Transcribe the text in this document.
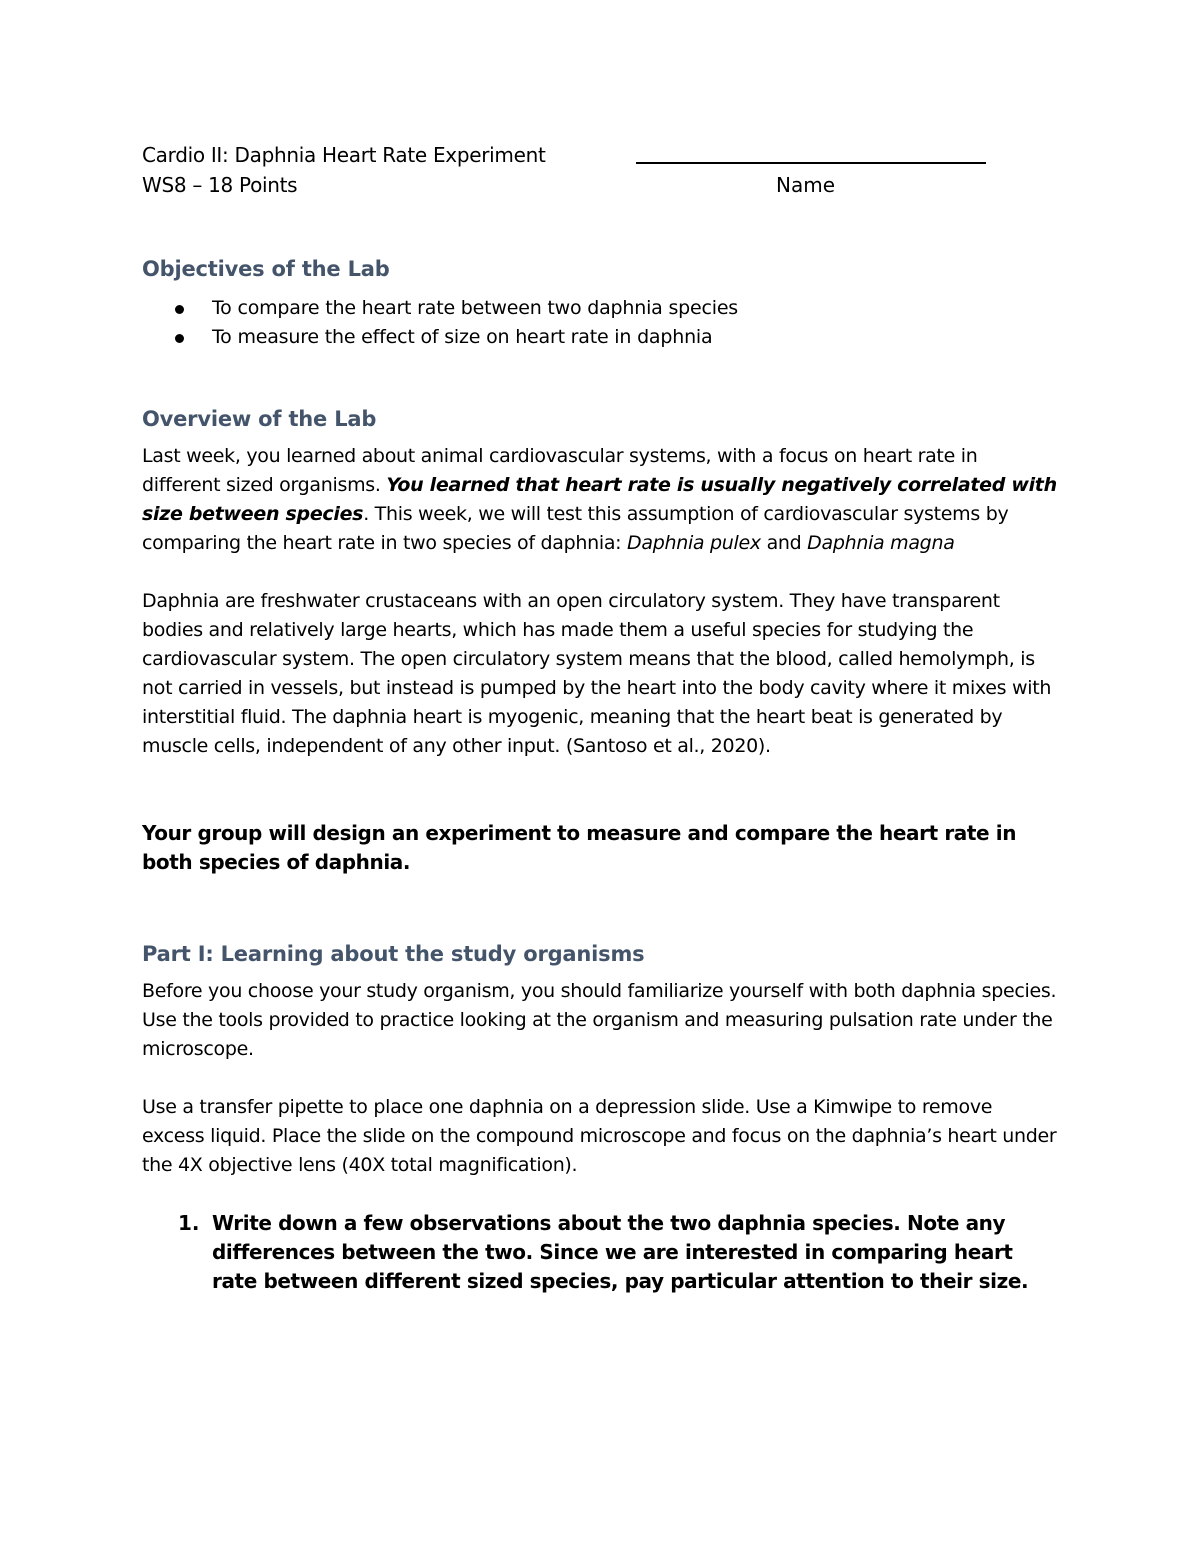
Cardio II: Daphnia Heart Rate Experiment
WS8 – 18 Points	Name
Objectives of the Lab
To compare the heart rate between two daphnia species
To measure the effect of size on heart rate in daphnia
Overview of the Lab

Last week, you learned about animal cardiovascular systems, with a focus on heart rate in different sized organisms. You learned that heart rate is usually negatively correlated with size between species. This week, we will test this assumption of cardiovascular systems by comparing the heart rate in two species of daphnia: Daphnia pulex and Daphnia magna

Daphnia are freshwater crustaceans with an open circulatory system. They have transparent bodies and relatively large hearts, which has made them a useful species for studying the cardiovascular system. The open circulatory system means that the blood, called hemolymph, is not carried in vessels, but instead is pumped by the heart into the body cavity where it mixes with interstitial fluid. The daphnia heart is myogenic, meaning that the heart beat is generated by muscle cells, independent of any other input. (Santoso et al., 2020).

Your group will design an experiment to measure and compare the heart rate in both species of daphnia.

Part I: Learning about the study organisms

Before you choose your study organism, you should familiarize yourself with both daphnia species. Use the tools provided to practice looking at the organism and measuring pulsation rate under the microscope.

Use a transfer pipette to place one daphnia on a depression slide. Use a Kimwipe to remove excess liquid. Place the slide on the compound microscope and focus on the daphnia’s heart under the 4X objective lens (40X total magnification).

1. Write down a few observations about the two daphnia species. Note any differences between the two. Since we are interested in comparing heart rate between different sized species, pay particular attention to their size.
